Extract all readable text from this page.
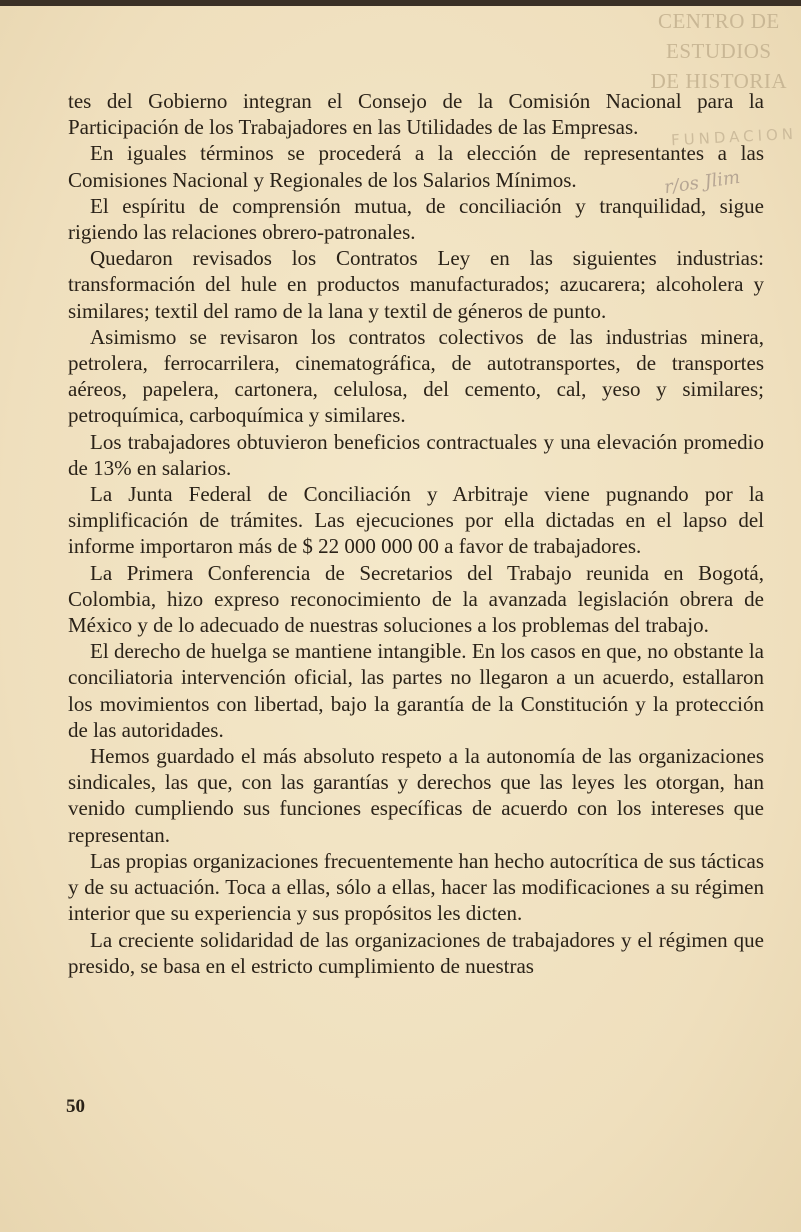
CENTRO DE
ESTUDIOS
DE HISTORIA
FUNDACION
r/os Jlim

tes del Gobierno integran el Consejo de la Comisión Nacional para la Participación de los Trabajadores en las Utilidades de las Empresas.

En iguales términos se procederá a la elección de representantes a las Comisiones Nacional y Regionales de los Salarios Mínimos.

El espíritu de comprensión mutua, de conciliación y tranquilidad, sigue rigiendo las relaciones obrero-patronales.

Quedaron revisados los Contratos Ley en las siguientes industrias: transformación del hule en productos manufacturados; azucarera; alcoholera y similares; textil del ramo de la lana y textil de géneros de punto.

Asimismo se revisaron los contratos colectivos de las industrias minera, petrolera, ferrocarrilera, cinematográfica, de autotransportes, de transportes aéreos, papelera, cartonera, celulosa, del cemento, cal, yeso y similares; petroquímica, carboquímica y similares.

Los trabajadores obtuvieron beneficios contractuales y una elevación promedio de 13% en salarios.

La Junta Federal de Conciliación y Arbitraje viene pugnando por la simplificación de trámites. Las ejecuciones por ella dictadas en el lapso del informe importaron más de $ 22 000 000 00 a favor de trabajadores.

La Primera Conferencia de Secretarios del Trabajo reunida en Bogotá, Colombia, hizo expreso reconocimiento de la avanzada legislación obrera de México y de lo adecuado de nuestras soluciones a los problemas del trabajo.

El derecho de huelga se mantiene intangible. En los casos en que, no obstante la conciliatoria intervención oficial, las partes no llegaron a un acuerdo, estallaron los movimientos con libertad, bajo la garantía de la Constitución y la protección de las autoridades.

Hemos guardado el más absoluto respeto a la autonomía de las organizaciones sindicales, las que, con las garantías y derechos que las leyes les otorgan, han venido cumpliendo sus funciones específicas de acuerdo con los intereses que representan.

Las propias organizaciones frecuentemente han hecho autocrítica de sus tácticas y de su actuación. Toca a ellas, sólo a ellas, hacer las modificaciones a su régimen interior que su experiencia y sus propósitos les dicten.

La creciente solidaridad de las organizaciones de trabajadores y el régimen que presido, se basa en el estricto cumplimiento de nuestras

50
